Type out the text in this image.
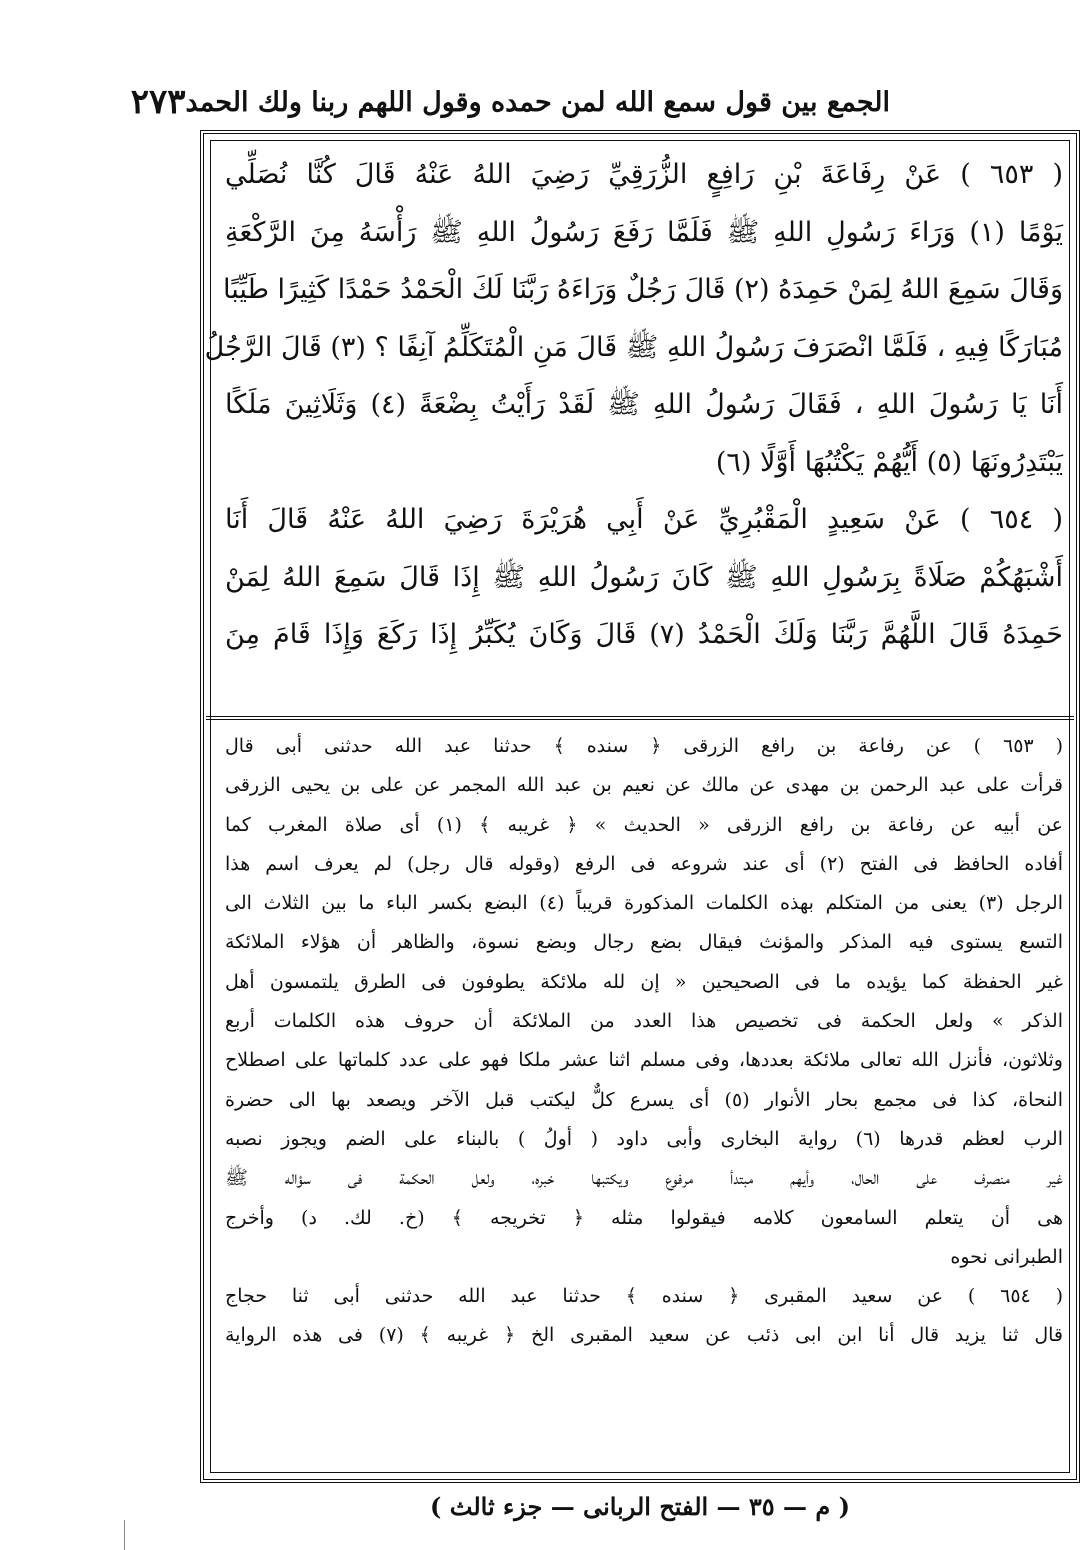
الجمع بين قول سمع الله لمن حمده وقول اللهم ربنا ولك الحمد
٢٧٣
( ٦٥٣ ) عَنْ رِفَاعَةَ بْنِ رَافِعٍ الزُّرَقِيِّ رَضِيَ اللهُ عَنْهُ قَالَ كُنَّا نُصَلِّي
يَوْمًا (١) وَرَاءَ رَسُولِ اللهِ ﷺ فَلَمَّا رَفَعَ رَسُولُ اللهِ ﷺ رَأْسَهُ مِنَ الرَّكْعَةِ
وَقَالَ سَمِعَ اللهُ لِمَنْ حَمِدَهُ (٢) قَالَ رَجُلٌ وَرَاءَهُ رَبَّنَا لَكَ الْحَمْدُ حَمْدًا كَثِيرًا طَيِّبًا
مُبَارَكًا فِيهِ ، فَلَمَّا انْصَرَفَ رَسُولُ اللهِ ﷺ قَالَ مَنِ الْمُتَكَلِّمُ آنِفًا ؟ (٣) قَالَ الرَّجُلُ
أَنَا يَا رَسُولَ اللهِ ، فَقَالَ رَسُولُ اللهِ ﷺ لَقَدْ رَأَيْتُ بِضْعَةً (٤) وَثَلَاثِينَ مَلَكًا
يَبْتَدِرُونَهَا (٥) أَيُّهُمْ يَكْتُبُهَا أَوَّلًا (٦)
( ٦٥٤ ) عَنْ سَعِيدٍ الْمَقْبُرِيِّ عَنْ أَبِي هُرَيْرَةَ رَضِيَ اللهُ عَنْهُ قَالَ أَنَا
أَشْبَهُكُمْ صَلَاةً بِرَسُولِ اللهِ ﷺ كَانَ رَسُولُ اللهِ ﷺ إِذَا قَالَ سَمِعَ اللهُ لِمَنْ
حَمِدَهُ قَالَ اللَّهُمَّ رَبَّنَا وَلَكَ الْحَمْدُ (٧) قَالَ وَكَانَ يُكَبِّرُ إِذَا رَكَعَ وَإِذَا قَامَ مِنَ
( ٦٥٣ ) عن رفاعة بن رافع الزرقى ﴿ سنده ﴾ حدثنا عبد الله حدثنى أبى قال
قرأت على عبد الرحمن بن مهدى عن مالك عن نعيم بن عبد الله المجمر عن على بن يحيى الزرقى
عن أبيه عن رفاعة بن رافع الزرقى « الحديث » ﴿ غريبه ﴾ (١) أى صلاة المغرب كما
أفاده الحافظ فى الفتح (٢) أى عند شروعه فى الرفع (وقوله قال رجل) لم يعرف اسم هذا
الرجل (٣) يعنى من المتكلم بهذه الكلمات المذكورة قريباً (٤) البضع بكسر الباء ما بين الثلاث الى
التسع يستوى فيه المذكر والمؤنث فيقال بضع رجال وبضع نسوة، والظاهر أن هؤلاء الملائكة
غير الحفظة كما يؤيده ما فى الصحيحين « إن لله ملائكة يطوفون فى الطرق يلتمسون أهل
الذكر » ولعل الحكمة فى تخصيص هذا العدد من الملائكة أن حروف هذه الكلمات أربع
وثلاثون، فأنزل الله تعالى ملائكة بعددها، وفى مسلم اثنا عشر ملكا فهو على عدد كلماتها على اصطلاح
النحاة، كذا فى مجمع بحار الأنوار (٥) أى يسرع كلٌّ ليكتب قبل الآخر ويصعد بها الى حضرة
الرب لعظم قدرها (٦) رواية البخارى وأبى داود ( أولُ ) بالبناء على الضم ويجوز نصبه
غير منصرف على الحال، وأيهم مبتدأ مرفوع ويكتبها خبره، ولعل الحكمة فى سؤاله ﷺ
هى أن يتعلم السامعون كلامه فيقولوا مثله ﴿ تخريجه ﴾ (خ. لك. د) وأخرج
الطبرانى نحوه
( ٦٥٤ ) عن سعيد المقبرى ﴿ سنده ﴾ حدثنا عبد الله حدثنى أبى ثنا حجاج
قال ثنا يزيد قال أنا ابن ابى ذئب عن سعيد المقبرى الخ ﴿ غريبه ﴾ (٧) فى هذه الرواية
( م — ٣٥ — الفتح الربانى — جزء ثالث )
